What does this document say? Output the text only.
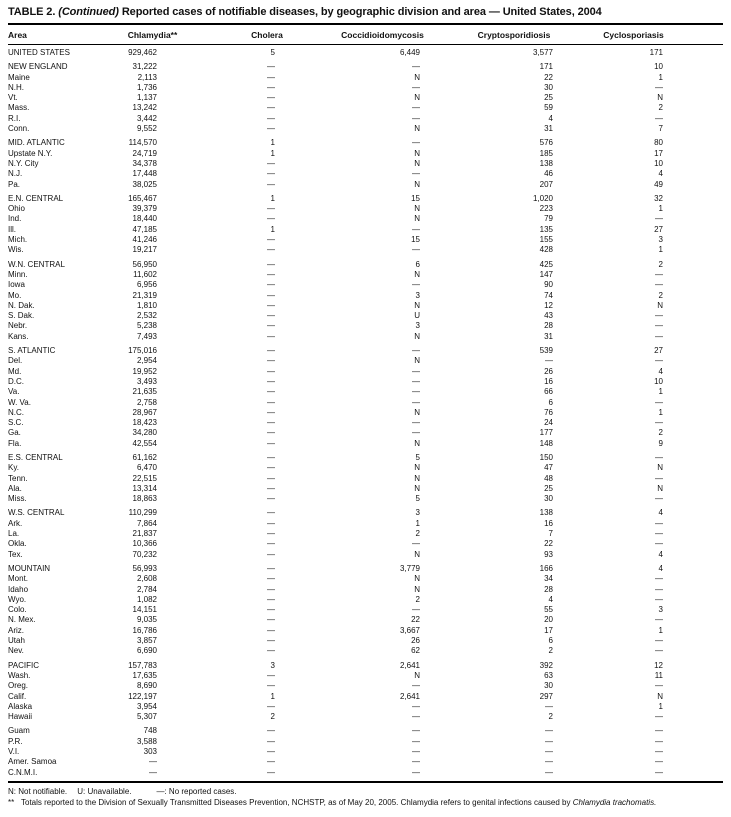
TABLE 2. (Continued) Reported cases of notifiable diseases, by geographic division and area — United States, 2004
Area	Chlamydia**	Cholera	Coccidioidomycosis	Cryptosporidiosis	Cyclosporiasis
UNITED STATES	929,462	5	6,449	3,577	171
NEW ENGLAND	31,222	—	—	171	10
Maine	2,113	—	N	22	1
N.H.	1,736	—	—	30	—
Vt.	1,137	—	N	25	N
Mass.	13,242	—	—	59	2
R.I.	3,442	—	—	4	—
Conn.	9,552	—	N	31	7
MID. ATLANTIC	114,570	1	—	576	80
Upstate N.Y.	24,719	1	N	185	17
N.Y. City	34,378	—	N	138	10
N.J.	17,448	—	—	46	4
Pa.	38,025	—	N	207	49
E.N. CENTRAL	165,467	1	15	1,020	32
Ohio	39,379	—	N	223	1
Ind.	18,440	—	N	79	—
Ill.	47,185	1	—	135	27
Mich.	41,246	—	15	155	3
Wis.	19,217	—	—	428	1
W.N. CENTRAL	56,950	—	6	425	2
Minn.	11,602	—	N	147	—
Iowa	6,956	—	—	90	—
Mo.	21,319	—	3	74	2
N. Dak.	1,810	—	N	12	N
S. Dak.	2,532	—	U	43	—
Nebr.	5,238	—	3	28	—
Kans.	7,493	—	N	31	—
S. ATLANTIC	175,016	—	—	539	27
Del.	2,954	—	N	—	—
Md.	19,952	—	—	26	4
D.C.	3,493	—	—	16	10
Va.	21,635	—	—	66	1
W. Va.	2,758	—	—	6	—
N.C.	28,967	—	N	76	1
S.C.	18,423	—	—	24	—
Ga.	34,280	—	—	177	2
Fla.	42,554	—	N	148	9
E.S. CENTRAL	61,162	—	5	150	—
Ky.	6,470	—	N	47	N
Tenn.	22,515	—	N	48	—
Ala.	13,314	—	N	25	N
Miss.	18,863	—	5	30	—
W.S. CENTRAL	110,299	—	3	138	4
Ark.	7,864	—	1	16	—
La.	21,837	—	2	7	—
Okla.	10,366	—	—	22	—
Tex.	70,232	—	N	93	4
MOUNTAIN	56,993	—	3,779	166	4
Mont.	2,608	—	N	34	—
Idaho	2,784	—	N	28	—
Wyo.	1,082	—	2	4	—
Colo.	14,151	—	—	55	3
N. Mex.	9,035	—	22	20	—
Ariz.	16,786	—	3,667	17	1
Utah	3,857	—	26	6	—
Nev.	6,690	—	62	2	—
PACIFIC	157,783	3	2,641	392	12
Wash.	17,635	—	N	63	11
Oreg.	8,690	—	—	30	—
Calif.	122,197	1	2,641	297	N
Alaska	3,954	—	—	—	1
Hawaii	5,307	2	—	2	—
Guam	748	—	—	—	—
P.R.	3,588	—	—	—	—
V.I.	303	—	—	—	—
Amer. Samoa	—	—	—	—	—
C.N.M.I.	—	—	—	—	—
N: Not notifiable. U: Unavailable.	—: No reported cases.
** Totals reported to the Division of Sexually Transmitted Diseases Prevention, NCHSTP, as of May 20, 2005. Chlamydia refers to genital infections caused by Chlamydia trachomatis.
